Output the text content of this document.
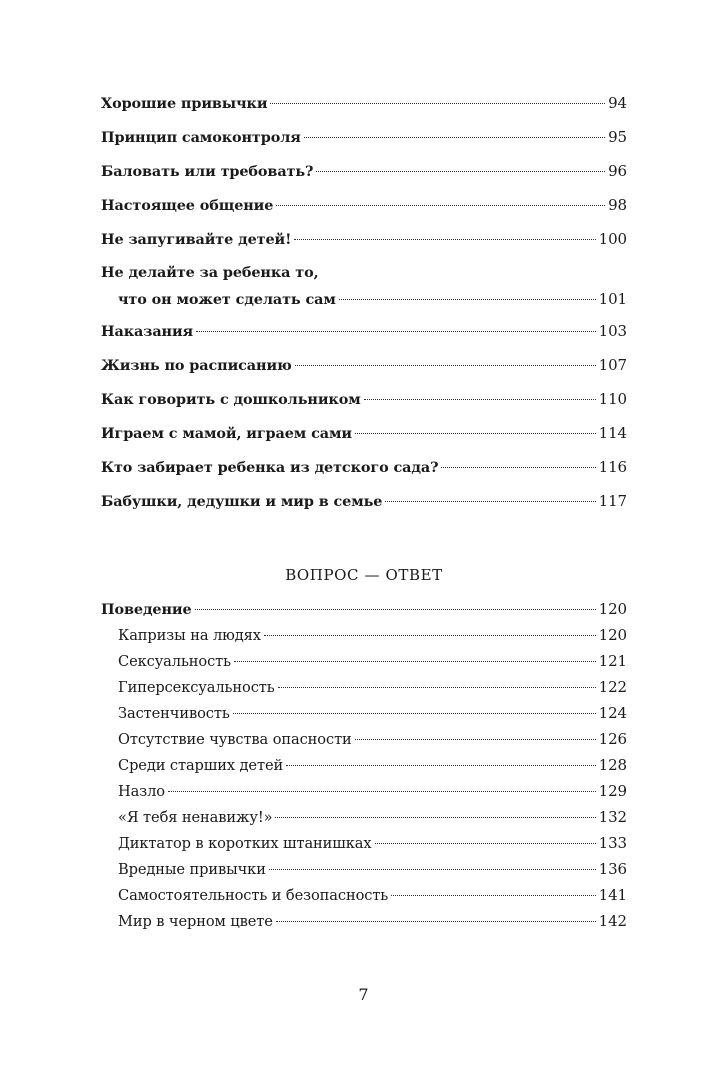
Хорошие привычки	94
Принцип самоконтроля	95
Баловать или требовать?	96
Настоящее общение	98
Не запугивайте детей!	100
Не делайте за ребенка то,
что он может сделать сам	101
Наказания	103
Жизнь по расписанию	107
Как говорить с дошкольником	110
Играем с мамой, играем сами	114
Кто забирает ребенка из детского сада?	116
Бабушки, дедушки и мир в семье	117
Поведение	120
Капризы на людях	120
Сексуальность	121
Гиперсексуальность	122
Застенчивость	124
Отсутствие чувства опасности	126
Среди старших детей	128
Назло	129
«Я тебя ненавижу!»	132
Диктатор в коротких штанишках	133
Вредные привычки	136
Самостоятельность и безопасность	141
Мир в черном цвете	142
ВОПРОС — ОТВЕТ
7
